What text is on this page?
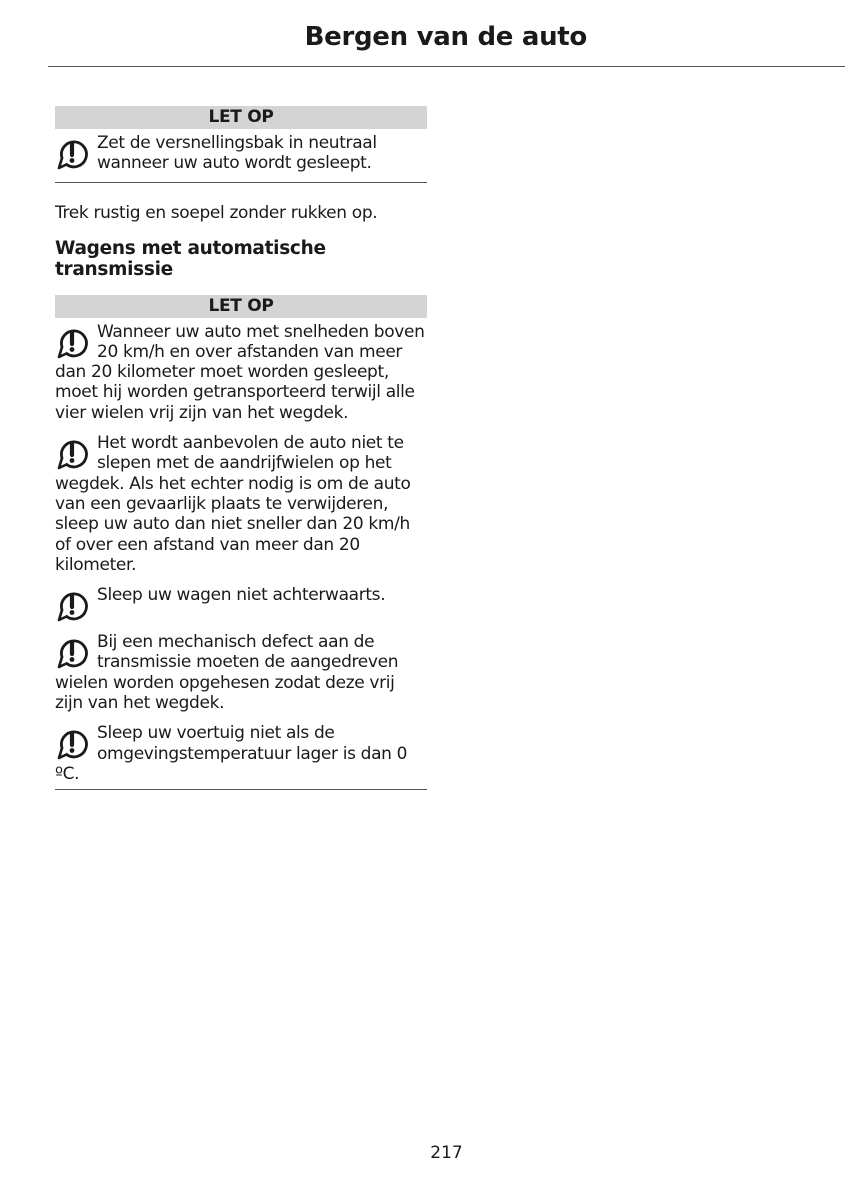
Bergen van de auto
LET OP
Zet de versnellingsbak in neutraal wanneer uw auto wordt gesleept.

Trek rustig en soepel zonder rukken op.

Wagens met automatische transmissie
LET OP
Wanneer uw auto met snelheden boven 20 km/h en over afstanden van meer dan 20 kilometer moet worden gesleept, moet hij worden getransporteerd terwijl alle vier wielen vrij zijn van het wegdek.
Het wordt aanbevolen de auto niet te slepen met de aandrijfwielen op het wegdek. Als het echter nodig is om de auto van een gevaarlijk plaats te verwijderen, sleep uw auto dan niet sneller dan 20 km/h of over een afstand van meer dan 20 kilometer.
Sleep uw wagen niet achterwaarts.
Bij een mechanisch defect aan de transmissie moeten de aangedreven wielen worden opgehesen zodat deze vrij zijn van het wegdek.
Sleep uw voertuig niet als de omgevingstemperatuur lager is dan 0 ºC.
217
